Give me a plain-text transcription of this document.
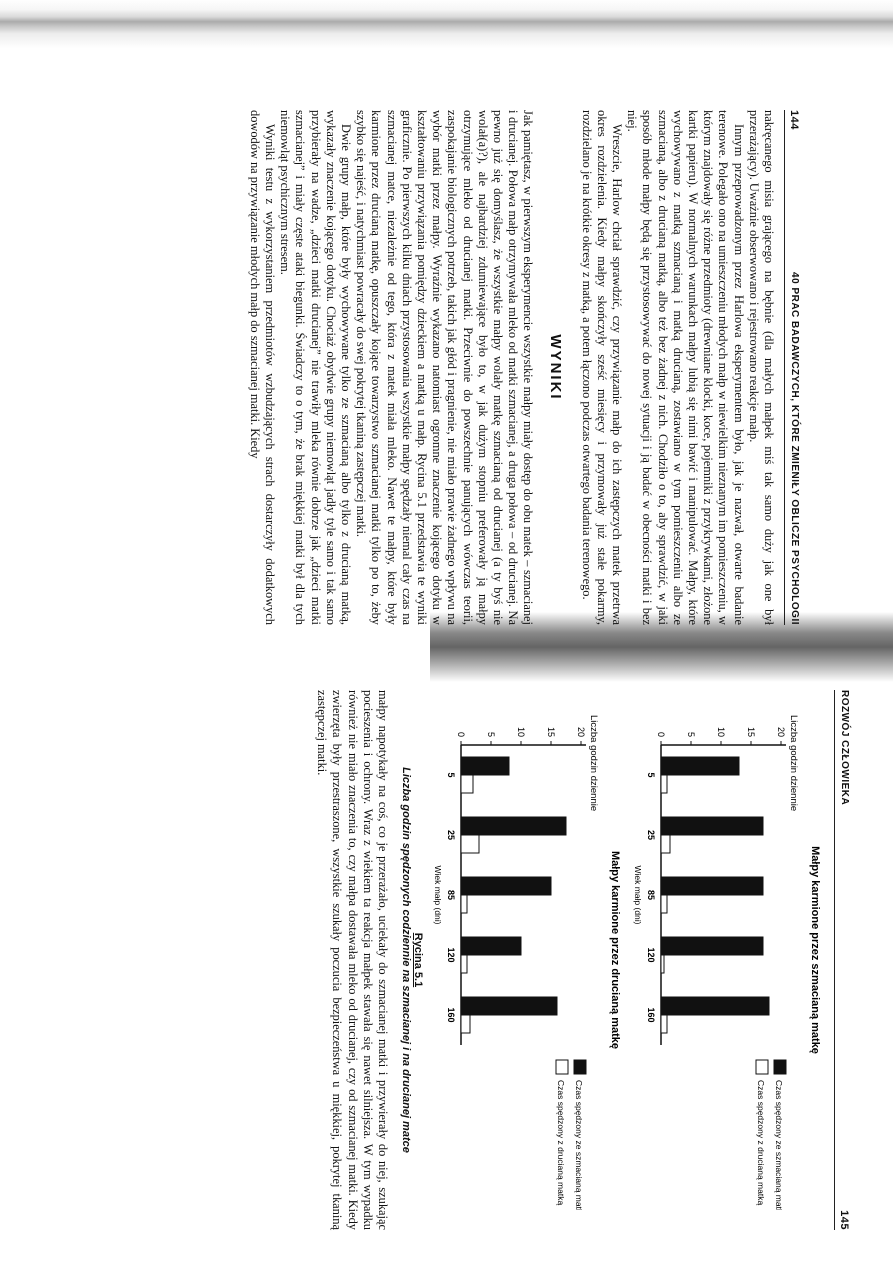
144
40 PRAC BADAWCZYCH, KTÓRE ZMIENIŁY OBLICZE PSYCHOLOGII

nakręcanego misia grającego na bębnie (dla małych małpek miś tak samo duży jak one był przerażający). Uważnie obserwowano i rejestrowano reakcje małp.

Innym przeprowadzonym przez Harlowa eksperymentem było, jak je nazwał, otwarte badanie terenowe. Polegało ono na umieszczeniu młodych małp w niewielkim nieznanym im pomieszczeniu, w którym znajdowały się różne przedmioty (drewniane klocki, koce, pojemniki z przykrywkami, złożone kartki papieru). W normalnych warunkach małpy lubią się nimi bawić i manipulować. Małpy, które wychowywano z matką szmacianą i matką drucianą, zostawiano w tym pomieszczeniu albo ze szmacianą, albo z drucianą matką, albo też bez żadnej z nich. Chodziło o to, aby sprawdzić, w jaki sposób młode małpy będą się przystosowywać do nowej sytuacji i ją badać w obecności matki i bez niej.

Wreszcie, Harlow chciał sprawdzić, czy przywiązanie małp do ich zastępczych matek przetrwa okres rozdzielenia. Kiedy małpy skończyły sześć miesięcy i przymowały już stałe pokarmy, rozdzielano je na krótkie okresy z matką, a potem łączono podczas otwartego badania terenowego.

WYNIKI

Jak pamiętasz, w pierwszym eksperymencie wszystkie małpy miały dostęp do obu matek – szmacianej i drucianej. Połowa małp otrzymywała mleko od matki szmacianej, a druga połowa – od drucianej. Na pewno już się domyślasz, że wszystkie małpy wolały matkę szmacianą od drucianej (a ty byś nie wolał(a)?), ale najbardziej zdumiewające było to, w jak dużym stopniu preferowały ją małpy otrzymujące mleko od drucianej matki. Przeciwnie do powszechnie panujących wówczas teorii, zaspokajanie biologicznych potrzeb, takich jak głód i pragnienie, nie miało prawie żadnego wpływu na wybór matki przez małpy. Wyraźnie wykazano natomiast ogromne znaczenie kojącego dotyku w kształtowaniu przywiązania pomiędzy dzieckiem a matką u małp. Rycina 5.1 przedstawia te wyniki graficznie. Po pierwszych kilku dniach przystosowania wszystkie małpy spędzały niemal cały czas na szmacianej matce, niezależnie od tego, która z matek miała mleko. Nawet te małpy, które były karmione przez drucianą matkę, opuszczały kojące towarzystwo szmacianej matki tylko po to, żeby szybko się najeść, i natychmiast powracały do swej pokrytej tkaniną zastępczej matki.

Dwie grupy małp, które były wychowywane tylko ze szmacianą albo tylko z drucianą matką, wykazały znaczenie kojącego dotyku. Chociaż obydwie grupy niemowląt jadły tyle samo i tak samo przybierały na wadze, „dzieci matki drucianej” nie trawiły mleka równie dobrze jak „dzieci matki szmacianej” i miały częste ataki biegunki. Świadczy to o tym, że brak miękkiej matki był dla tych niemowląt psychicznym stresem.

Wyniki testu z wykorzystaniem przedmiotów wzbudzających strach dostarczyły dodatkowych dowodów na przywiązanie młodych małp do szmacianej matki. Kiedy

ROZWÓJ CZŁOWIEKA
145
Małpy karmione przez szmacianą matkę
Liczba godzin dziennie
0 5 10 15 20
5
25
85
120
160
Wiek małp (dni)
Czas spędzony ze szmacianą matką
Czas spędzony z drucianą matką

Małpy karmione przez drucianą matkę
Liczba godzin dziennie
0 5 10 15 20
5
25
85
120
160
Wiek małp (dni)
Czas spędzony ze szmacianą matką
Czas spędzony z drucianą matką
Rycina 5.1
Liczba godzin spędzonych codziennie na szmacianej i na drucianej matce

małpy napotykały na coś, co je przerażało, uciekały do szmacianej matki i przywierały do niej, szukając pocieszenia i ochrony. Wraz z wiekiem ta reakcja małpek stawała się nawet silniejsza. W tym wypadku również nie miało znaczenia to, czy małpa dostawała mleko od drucianej, czy od szmacianej matki. Kiedy zwierzęta były przestraszone, wszystkie szukały poczucia bezpieczeństwa u miękkiej, pokrytej tkaniną zastępczej matki.
